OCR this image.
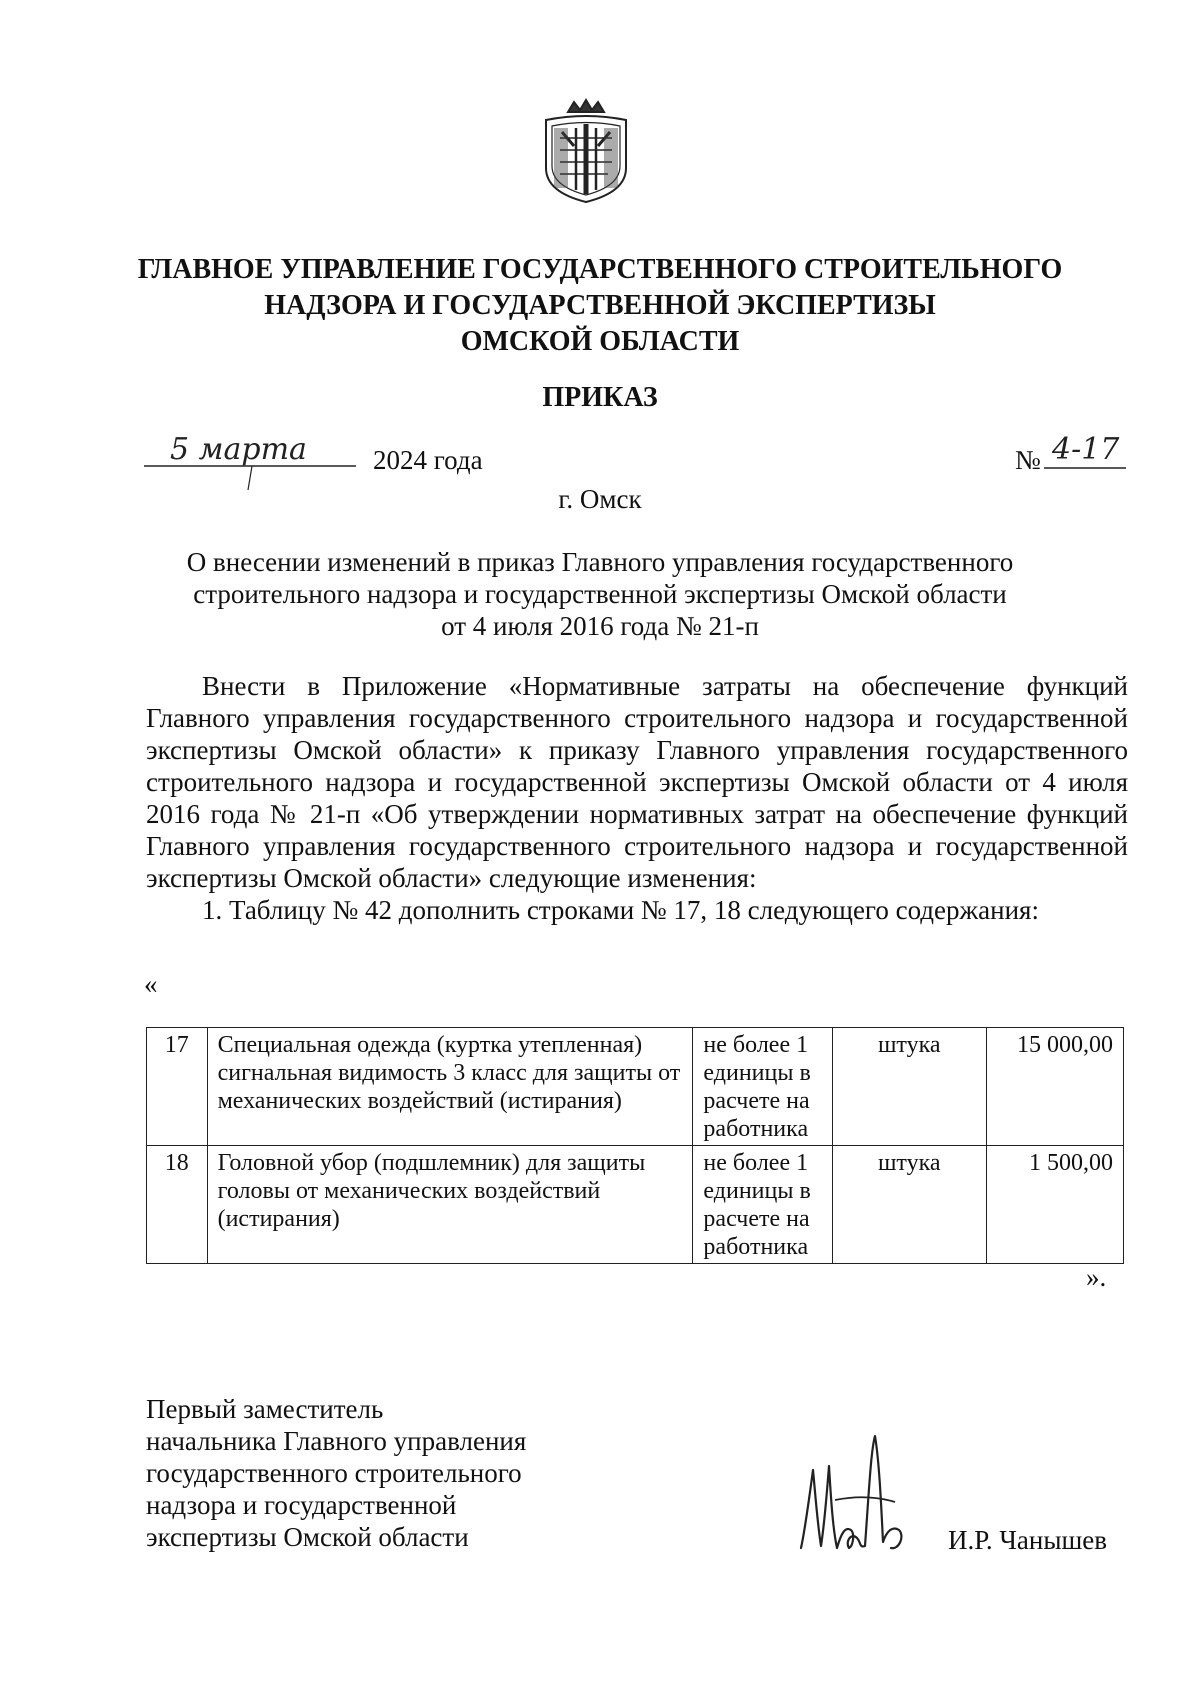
ГЛАВНОЕ УПРАВЛЕНИЕ ГОСУДАРСТВЕННОГО СТРОИТЕЛЬНОГО
НАДЗОРА И ГОСУДАРСТВЕННОЙ ЭКСПЕРТИЗЫ
ОМСКОЙ ОБЛАСТИ
ПРИКАЗ
5 марта 2024 года	№ 4-17
г. Омск
О внесении изменений в приказ Главного управления государственного
строительного надзора и государственной экспертизы Омской области
от 4 июля 2016 года № 21-п

Внести в Приложение «Нормативные затраты на обеспечение функций Главного управления государственного строительного надзора и государственной экспертизы Омской области» к приказу Главного управления государственного строительного надзора и государственной экспертизы Омской области от 4 июля 2016 года № 21-п «Об утверждении нормативных затрат на обеспечение функций Главного управления государственного строительного надзора и государственной экспертизы Омской области» следующие изменения:

1. Таблицу № 42 дополнить строками № 17, 18 следующего содержания:

«
17	Специальная одежда (куртка утепленная) сигнальная видимость 3 класс для защиты от механических воздействий (истирания)	не более 1 единицы в расчете на работника	штука	15 000,00
18	Головной убор (подшлемник) для защиты головы от механических воздействий (истирания)	не более 1 единицы в расчете на работника	штука	1 500,00
».
Первый заместитель
начальника Главного управления
государственного строительного
надзора и государственной
экспертизы Омской области	И.Р. Чанышев
